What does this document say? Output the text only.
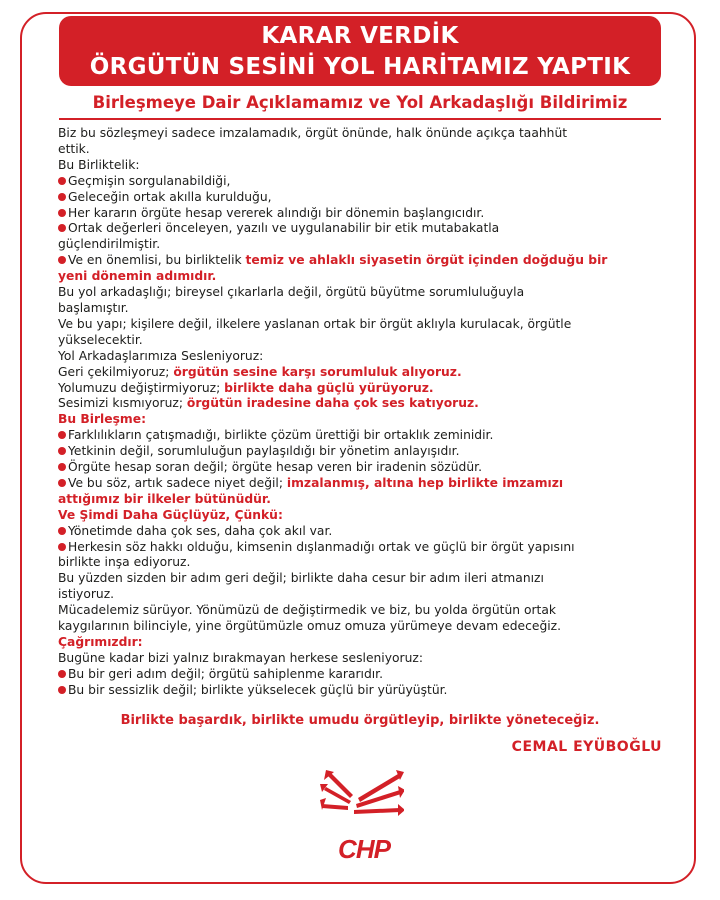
KARAR VERDİK
ÖRGÜTÜN SESİNİ YOL HARİTAMIZ YAPTIK
Birleşmeye Dair Açıklamamız ve Yol Arkadaşlığı Bildirimiz
Biz bu sözleşmeyi sadece imzalamadık, örgüt önünde, halk önünde açıkça taahhüt
ettik.
Bu Birliktelik:
Geçmişin sorgulanabildiği,
Geleceğin ortak akılla kurulduğu,
Her kararın örgüte hesap vererek alındığı bir dönemin başlangıcıdır.
Ortak değerleri önceleyen, yazılı ve uygulanabilir bir etik mutabakatla
güçlendirilmiştir.
Ve en önemlisi, bu birliktelik temiz ve ahlaklı siyasetin örgüt içinden doğduğu bir
yeni dönemin adımıdır.
Bu yol arkadaşlığı; bireysel çıkarlarla değil, örgütü büyütme sorumluluğuyla
başlamıştır.
Ve bu yapı; kişilere değil, ilkelere yaslanan ortak bir örgüt aklıyla kurulacak, örgütle
yükselecektir.
Yol Arkadaşlarımıza Sesleniyoruz:
Geri çekilmiyoruz; örgütün sesine karşı sorumluluk alıyoruz.
Yolumuzu değiştirmiyoruz; birlikte daha güçlü yürüyoruz.
Sesimizi kısmıyoruz; örgütün iradesine daha çok ses katıyoruz.
Bu Birleşme:
Farklılıkların çatışmadığı, birlikte çözüm ürettiği bir ortaklık zeminidir.
Yetkinin değil, sorumluluğun paylaşıldığı bir yönetim anlayışıdır.
Örgüte hesap soran değil; örgüte hesap veren bir iradenin sözüdür.
Ve bu söz, artık sadece niyet değil; imzalanmış, altına hep birlikte imzamızı
attığımız bir ilkeler bütünüdür.
Ve Şimdi Daha Güçlüyüz, Çünkü:
Yönetimde daha çok ses, daha çok akıl var.
Herkesin söz hakkı olduğu, kimsenin dışlanmadığı ortak ve güçlü bir örgüt yapısını
birlikte inşa ediyoruz.
Bu yüzden sizden bir adım geri değil; birlikte daha cesur bir adım ileri atmanızı
istiyoruz.
Mücadelemiz sürüyor. Yönümüzü de değiştirmedik ve biz, bu yolda örgütün ortak
kaygılarının bilinciyle, yine örgütümüzle omuz omuza yürümeye devam edeceğiz.
Çağrımızdır:
Bugüne kadar bizi yalnız bırakmayan herkese sesleniyoruz:
Bu bir geri adım değil; örgütü sahiplenme kararıdır.
Bu bir sessizlik değil; birlikte yükselecek güçlü bir yürüyüştür.
Birlikte başardık, birlikte umudu örgütleyip, birlikte yöneteceğiz.
CEMAL EYÜBOĞLU
CHP
